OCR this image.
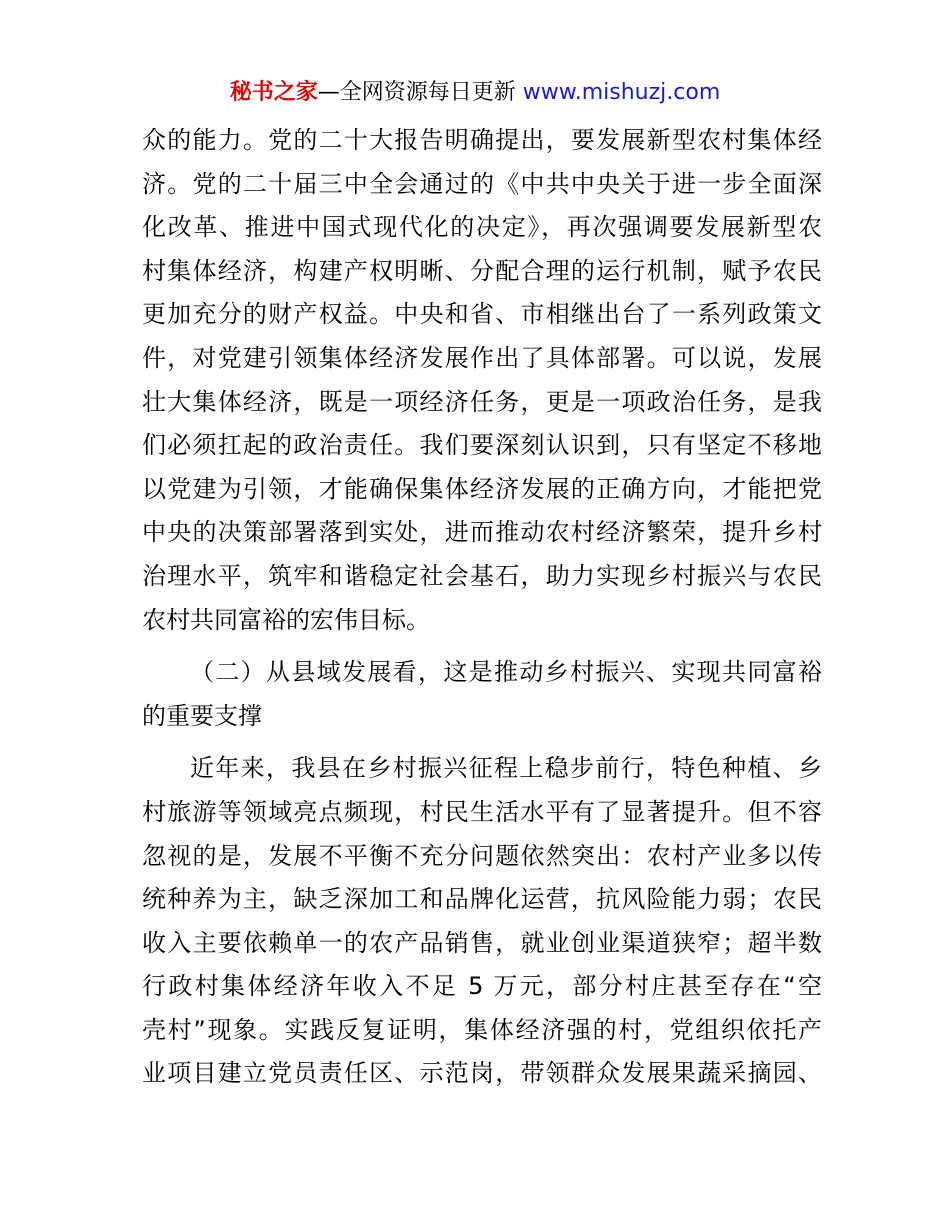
秘书之家—全网资源每日更新 www.mishuzj.com
众的能力。党的二十大报告明确提出，要发展新型农村集体经
济。党的二十届三中全会通过的《中共中央关于进一步全面深
化改革、推进中国式现代化的决定》，再次强调要发展新型农
村集体经济，构建产权明晰、分配合理的运行机制，赋予农民
更加充分的财产权益。中央和省、市相继出台了一系列政策文
件，对党建引领集体经济发展作出了具体部署。可以说，发展
壮大集体经济，既是一项经济任务，更是一项政治任务，是我
们必须扛起的政治责任。我们要深刻认识到，只有坚定不移地
以党建为引领，才能确保集体经济发展的正确方向，才能把党
中央的决策部署落到实处，进而推动农村经济繁荣，提升乡村
治理水平，筑牢和谐稳定社会基石，助力实现乡村振兴与农民
农村共同富裕的宏伟目标。
（二）从县域发展看，这是推动乡村振兴、实现共同富裕
的重要支撑
近年来，我县在乡村振兴征程上稳步前行，特色种植、乡
村旅游等领域亮点频现，村民生活水平有了显著提升。但不容
忽视的是，发展不平衡不充分问题依然突出：农村产业多以传
统种养为主，缺乏深加工和品牌化运营，抗风险能力弱；农民
收入主要依赖单一的农产品销售，就业创业渠道狭窄；超半数
行政村集体经济年收入不足 5 万元，部分村庄甚至存在“空
壳村”现象。实践反复证明，集体经济强的村，党组织依托产
业项目建立党员责任区、示范岗，带领群众发展果蔬采摘园、
